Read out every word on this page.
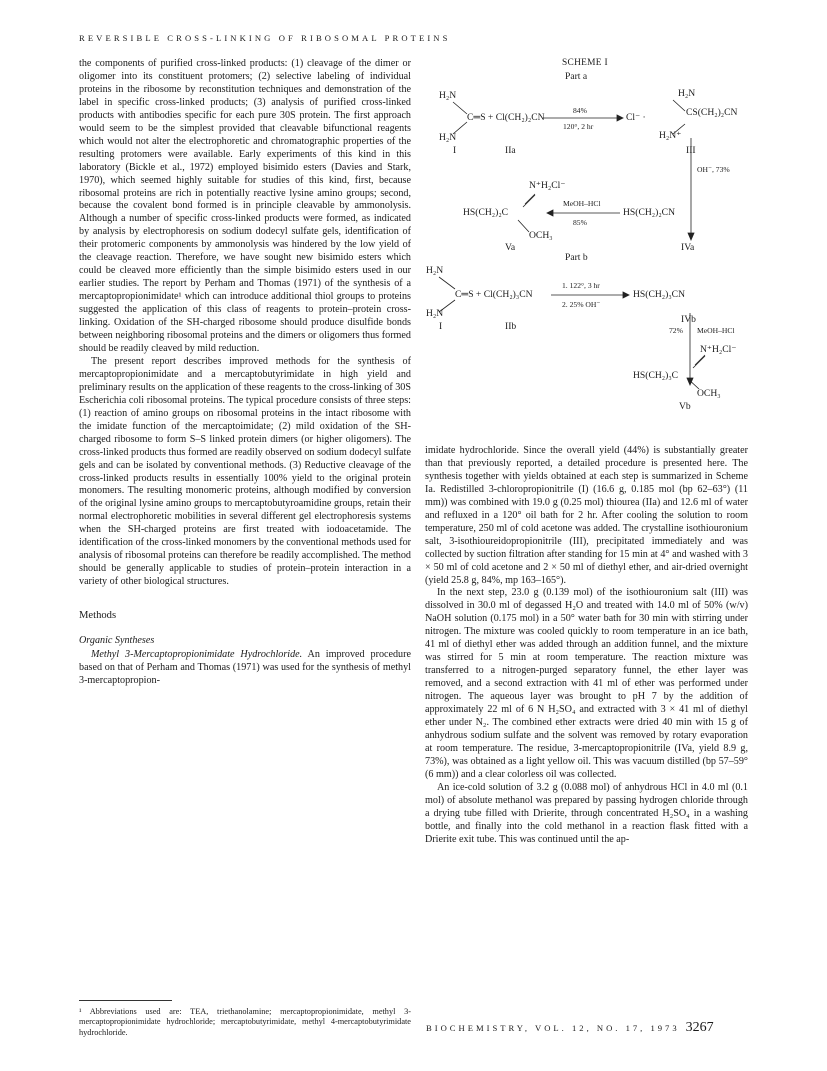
REVERSIBLE CROSS-LINKING OF RIBOSOMAL PROTEINS

the components of purified cross-linked products: (1) cleavage of the dimer or oligomer into its constituent protomers; (2) selective labeling of individual proteins in the ribosome by reconstitution techniques and demonstration of the label in specific cross-linked products; (3) analysis of purified cross-linked products with antibodies specific for each pure 30S protein. The first approach would seem to be the simplest provided that cleavable bifunctional reagents which would not alter the electrophoretic and chromatographic properties of the resulting protomers were available. Early experiments of this kind in this laboratory (Bickle et al., 1972) employed bisimido esters (Davies and Stark, 1970), which seemed highly suitable for studies of this kind, first, because ribosomal proteins are rich in potentially reactive lysine amino groups; second, because the covalent bond formed is in principle cleavable by ammonolysis. Although a number of specific cross-linked products were formed, as indicated by analysis by electrophoresis on sodium dodecyl sulfate gels, identification of their protomeric components by ammonolysis was hindered by the low yield of the cleavage reaction. Therefore, we have sought new bisimido esters which could be cleaved more efficiently than the simple bisimido esters used in our earlier studies. The report by Perham and Thomas (1971) of the synthesis of a mercaptopropionimidate¹ which can introduce additional thiol groups to proteins suggested the application of this class of reagents to protein–protein cross-linking. Oxidation of the SH-charged ribosome should produce disulfide bonds between neighboring ribosomal proteins and the dimers or oligomers thus formed should be readily cleaved by mild reduction.

The present report describes improved methods for the synthesis of mercaptopropionimidate and a mercaptobutyrimidate in high yield and preliminary results on the application of these reagents to the cross-linking of 30S Escherichia coli ribosomal proteins. The typical procedure consists of three steps: (1) reaction of amino groups on ribosomal proteins in the intact ribosome with the imidate function of the mercaptoimidate; (2) mild oxidation of the SH-charged ribosome to form S–S linked protein dimers (or higher oligomers). The cross-linked products thus formed are readily observed on sodium dodecyl sulfate gels and can be isolated by conventional methods. (3) Reductive cleavage of the cross-linked products results in essentially 100% yield to the original protein monomers. The resulting monomeric proteins, although modified by conversion of the original lysine amino groups to mercaptobutyroamidine groups, retain their normal electrophoretic mobilities in several different gel electrophoresis systems when the SH-charged proteins are first treated with iodoacetamide. The identification of the cross-linked monomers by the conventional methods used for analysis of ribosomal proteins can therefore be readily accomplished. The method should be generally applicable to studies of protein–protein interaction in a variety of other biological structures.

Methods
Organic Syntheses

Methyl 3-Mercaptopropionimidate Hydrochloride. An improved procedure based on that of Perham and Thomas (1971) was used for the synthesis of methyl 3-mercaptopropion-

¹ Abbreviations used are: TEA, triethanolamine; mercaptopropionimidate, methyl 3-mercaptopropionimidate hydrochloride; mercaptobutyrimidate, methyl 4-mercaptobutyrimidate hydrochloride.
SCHEME I
Part a
H₂N
H₂N
C═S + Cl(CH₂)₂CN
I	IIa
84%
120°, 2 hr
Cl⁻ ·
H₂N
CS(CH₂)₂CN
H₂N⁺
III
OH⁻, 73%
N⁺H₂Cl⁻
HS(CH₂)₂C
OCH₃
Va
MeOH–HCl
85%
HS(CH₂)₂CN
IVa
Part b
H₂N
H₂N
C═S + Cl(CH₂)₃CN
I	IIb
1. 122°, 3 hr
2. 25% OH⁻
HS(CH₂)₃CN
IVb
72% MeOH–HCl
N⁺H₂Cl⁻
HS(CH₂)₃C
OCH₃
Vb

imidate hydrochloride. Since the overall yield (44%) is substantially greater than that previously reported, a detailed procedure is presented here. The synthesis together with yields obtained at each step is summarized in Scheme Ia. Redistilled 3-chloropropionitrile (I) (16.6 g, 0.185 mol (bp 62–63°) (11 mm)) was combined with 19.0 g (0.25 mol) thiourea (IIa) and 12.6 ml of water and refluxed in a 120° oil bath for 2 hr. After cooling the solution to room temperature, 250 ml of cold acetone was added. The crystalline isothiouronium salt, 3-isothioureidopropionitrile (III), precipitated immediately and was collected by suction filtration after standing for 15 min at 4° and washed with 3 × 50 ml of cold acetone and 2 × 50 ml of diethyl ether, and air-dried overnight (yield 25.8 g, 84%, mp 163–165°).

In the next step, 23.0 g (0.139 mol) of the isothiouronium salt (III) was dissolved in 30.0 ml of degassed H₂O and treated with 14.0 ml of 50% (w/v) NaOH solution (0.175 mol) in a 50° water bath for 30 min with stirring under nitrogen. The mixture was cooled quickly to room temperature in an ice bath, 41 ml of diethyl ether was added through an addition funnel, and the mixture was stirred for 5 min at room temperature. The reaction mixture was transferred to a nitrogen-purged separatory funnel, the ether layer was removed, and a second extraction with 41 ml of ether was performed under nitrogen. The aqueous layer was brought to pH 7 by the addition of approximately 22 ml of 6 N H₂SO₄ and extracted with 3 × 41 ml of diethyl ether under N₂. The combined ether extracts were dried 40 min with 15 g of anhydrous sodium sulfate and the solvent was removed by rotary evaporation at room temperature. The residue, 3-mercaptopropionitrile (IVa, yield 8.9 g, 73%), was obtained as a light yellow oil. This was vacuum distilled (bp 57–59° (6 mm)) and a clear colorless oil was collected.

An ice-cold solution of 3.2 g (0.088 mol) of anhydrous HCl in 4.0 ml (0.1 mol) of absolute methanol was prepared by passing hydrogen chloride through a drying tube filled with Drierite, through concentrated H₂SO₄ in a washing bottle, and finally into the cold methanol in a reaction flask fitted with a Drierite exit tube. This was continued until the ap-

BIOCHEMISTRY, VOL. 12, NO. 17, 1973 3267
